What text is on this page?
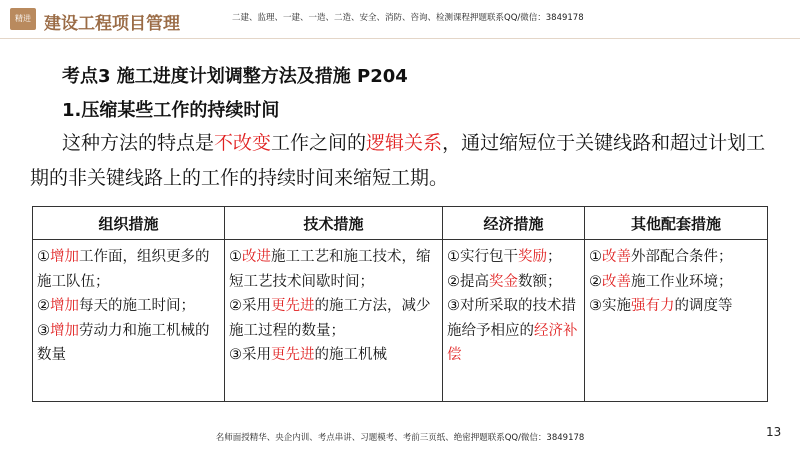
精进 建设工程项目管理	二建、监理、一建、一造、二造、安全、消防、咨询、检测课程押题联系QQ/微信：3849178
考点3 施工进度计划调整方法及措施 P204
1.压缩某些工作的持续时间
这种方法的特点是不改变工作之间的逻辑关系，通过缩短位于关键线路和超过计划工期的非关键线路上的工作的持续时间来缩短工期。
组织措施	技术措施	经济措施	其他配套措施

①增加工作面，组织更多的施工队伍；
②增加每天的施工时间；
③增加劳动力和施工机械的数量	①改进施工工艺和施工技术，缩短工艺技术间歇时间；
②采用更先进的施工方法，减少施工过程的数量；
③采用更先进的施工机械	①实行包干奖励；
②提高奖金数额；
③对所采取的技术措施给予相应的经济补偿	①改善外部配合条件；
②改善施工作业环境；
③实施强有力的调度等
名师面授精华、央企内训、考点串讲、习题模考、考前三页纸、绝密押题联系QQ/微信：3849178	13
